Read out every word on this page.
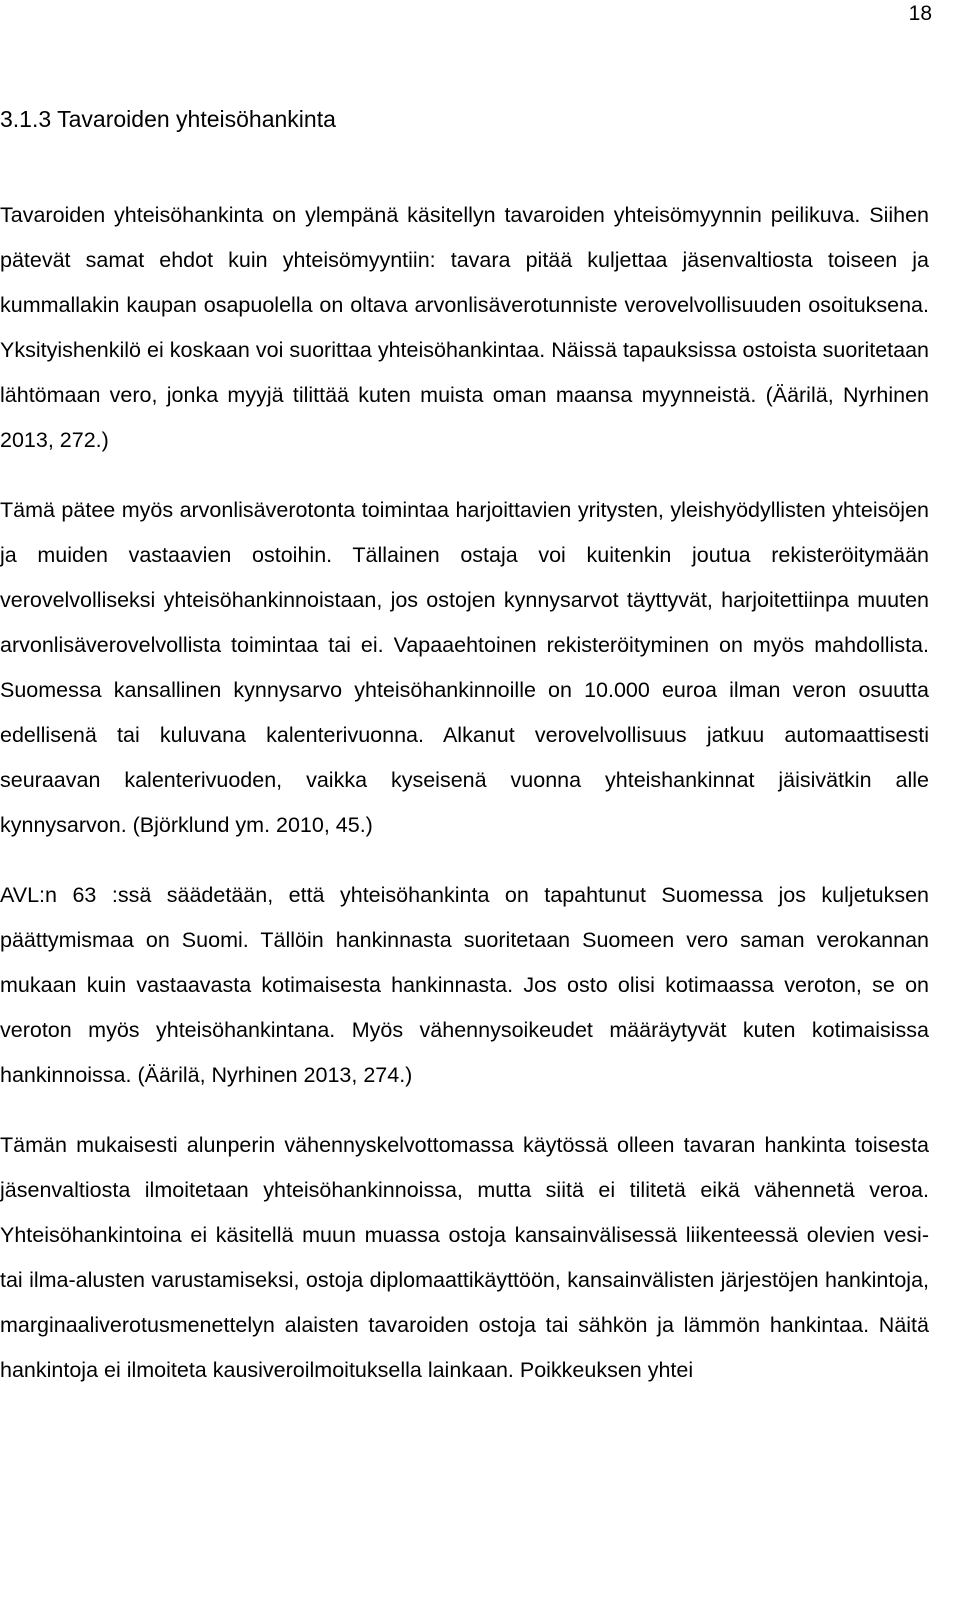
18
3.1.3 Tavaroiden yhteisöhankinta

Tavaroiden yhteisöhankinta on ylempänä käsitellyn tavaroiden yhteisömyynnin peilikuva. Siihen pätevät samat ehdot kuin yhteisömyyntiin: tavara pitää kuljettaa jäsenvaltiosta toiseen ja kummallakin kaupan osapuolella on oltava arvonlisäverotunniste verovelvollisuuden osoituksena. Yksityishenkilö ei koskaan voi suorittaa yhteisöhankintaa. Näissä tapauksissa ostoista suoritetaan lähtömaan vero, jonka myyjä tilittää kuten muista oman maansa myynneistä. (Äärilä, Nyrhinen 2013, 272.)

Tämä pätee myös arvonlisäverotonta toimintaa harjoittavien yritysten, yleishyödyllisten yhteisöjen ja muiden vastaavien ostoihin. Tällainen ostaja voi kuitenkin joutua rekisteröitymään verovelvolliseksi yhteisöhankinnoistaan, jos ostojen kynnysarvot täyttyvät, harjoitettiinpa muuten arvonlisäverovelvollista toimintaa tai ei. Vapaaehtoinen rekisteröityminen on myös mahdollista. Suomessa kansallinen kynnysarvo yhteisöhankinnoille on 10.000 euroa ilman veron osuutta edellisenä tai kuluvana kalenterivuonna. Alkanut verovelvollisuus jatkuu automaattisesti seuraavan kalenterivuoden, vaikka kyseisenä vuonna yhteishankinnat jäisivätkin alle kynnysarvon. (Björklund ym. 2010, 45.)

AVL:n 63 :ssä säädetään, että yhteisöhankinta on tapahtunut Suomessa jos kuljetuksen päättymismaa on Suomi. Tällöin hankinnasta suoritetaan Suomeen vero saman verokannan mukaan kuin vastaavasta kotimaisesta hankinnasta. Jos osto olisi kotimaassa veroton, se on veroton myös yhteisöhankintana. Myös vähennysoikeudet määräytyvät kuten kotimaisissa hankinnoissa. (Äärilä, Nyrhinen 2013, 274.)

Tämän mukaisesti alunperin vähennyskelvottomassa käytössä olleen tavaran hankinta toisesta jäsenvaltiosta ilmoitetaan yhteisöhankinnoissa, mutta siitä ei tilitetä eikä vähennetä veroa. Yhteisöhankintoina ei käsitellä muun muassa ostoja kansainvälisessä liikenteessä olevien vesi- tai ilma-alusten varustamiseksi, ostoja diplomaattikäyttöön, kansainvälisten järjestöjen hankintoja, marginaaliverotusmenettelyn alaisten tavaroiden ostoja tai sähkön ja lämmön hankintaa. Näitä hankintoja ei ilmoiteta kausiveroilmoituksella lainkaan. Poikkeuksen yhtei
